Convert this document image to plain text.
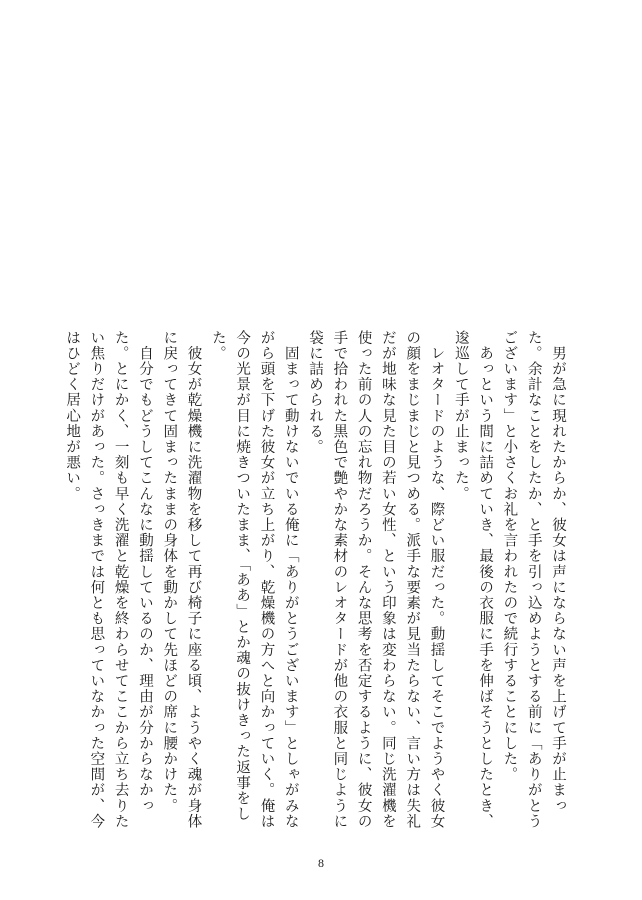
　男が急に現れたからか、彼女は声にならない声を上げて手が止まった。余計なことをしたか、と手を引っ込めようとする前に「ありがとうございます」と小さくお礼を言われたので続行することにした。

　あっという間に詰めていき、最後の衣服に手を伸ばそうとしたとき、逡巡して手が止まった。

　レオタードのような、際どい服だった。動揺してそこでようやく彼女の顔をまじまじと見つめる。派手な要素が見当たらない、言い方は失礼だが地味な見た目の若い女性、という印象は変わらない。同じ洗濯機を使った前の人の忘れ物だろうか。そんな思考を否定するように、彼女の手で拾われた黒色で艶やかな素材のレオタードが他の衣服と同じように袋に詰められる。

　固まって動けないでいる俺に「ありがとうございます」としゃがみながら頭を下げた彼女が立ち上がり、乾燥機の方へと向かっていく。俺は今の光景が目に焼きついたまま、「ああ」とか魂の抜けきった返事をした。

　彼女が乾燥機に洗濯物を移して再び椅子に座る頃、ようやく魂が身体に戻ってきて固まったままの身体を動かして先ほどの席に腰かけた。

　自分でもどうしてこんなに動揺しているのか、理由が分からなかった。とにかく、一刻も早く洗濯と乾燥を終わらせてここから立ち去りたい焦りだけがあった。さっきまでは何とも思っていなかった空間が、今はひどく居心地が悪い。

8
